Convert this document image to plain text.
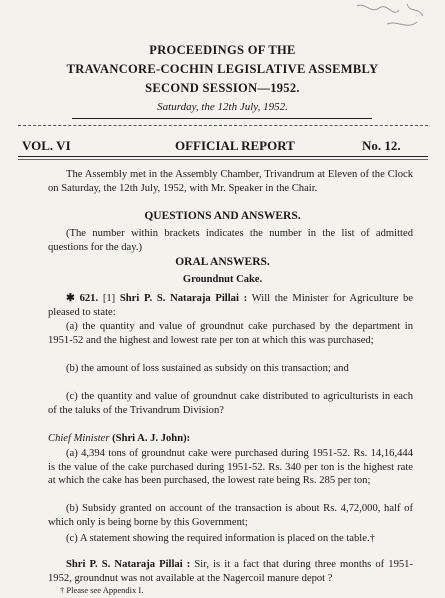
PROCEEDINGS OF THE
TRAVANCORE-COCHIN LEGISLATIVE ASSEMBLY
SECOND SESSION—1952.
Saturday, the 12th July, 1952.
VOL. VI	OFFICIAL REPORT	No. 12.
The Assembly met in the Assembly Chamber, Trivandrum at Eleven of the Clock on Saturday, the 12th July, 1952, with Mr. Speaker in the Chair.
QUESTIONS AND ANSWERS.
(The number within brackets indicates the number in the list of admitted questions for the day.)
ORAL ANSWERS.
Groundnut Cake.
✱ 621. [1] Shri P. S. Nataraja Pillai : Will the Minister for Agriculture be pleased to state:
(a) the quantity and value of groundnut cake purchased by the department in 1951-52 and the highest and lowest rate per ton at which this was purchased;
(b) the amount of loss sustained as subsidy on this transaction; and
(c) the quantity and value of groundnut cake distributed to agriculturists in each of the taluks of the Trivandrum Division?
Chief Minister (Shri A. J. John):
(a) 4,394 tons of groundnut cake were purchased during 1951-52. Rs. 14,16,444 is the value of the cake purchased during 1951-52. Rs. 340 per ton is the highest rate at which the cake has been purchased, the lowest rate being Rs. 285 per ton;
(b) Subsidy granted on account of the transaction is about Rs. 4,72,000, half of which only is being borne by this Government;
(c) A statement showing the required information is placed on the table.†
Shri P. S. Nataraja Pillai : Sir, is it a fact that during three months of 1951-1952, groundnut was not available at the Nagercoil manure depot ?
† Please see Appendix I.
